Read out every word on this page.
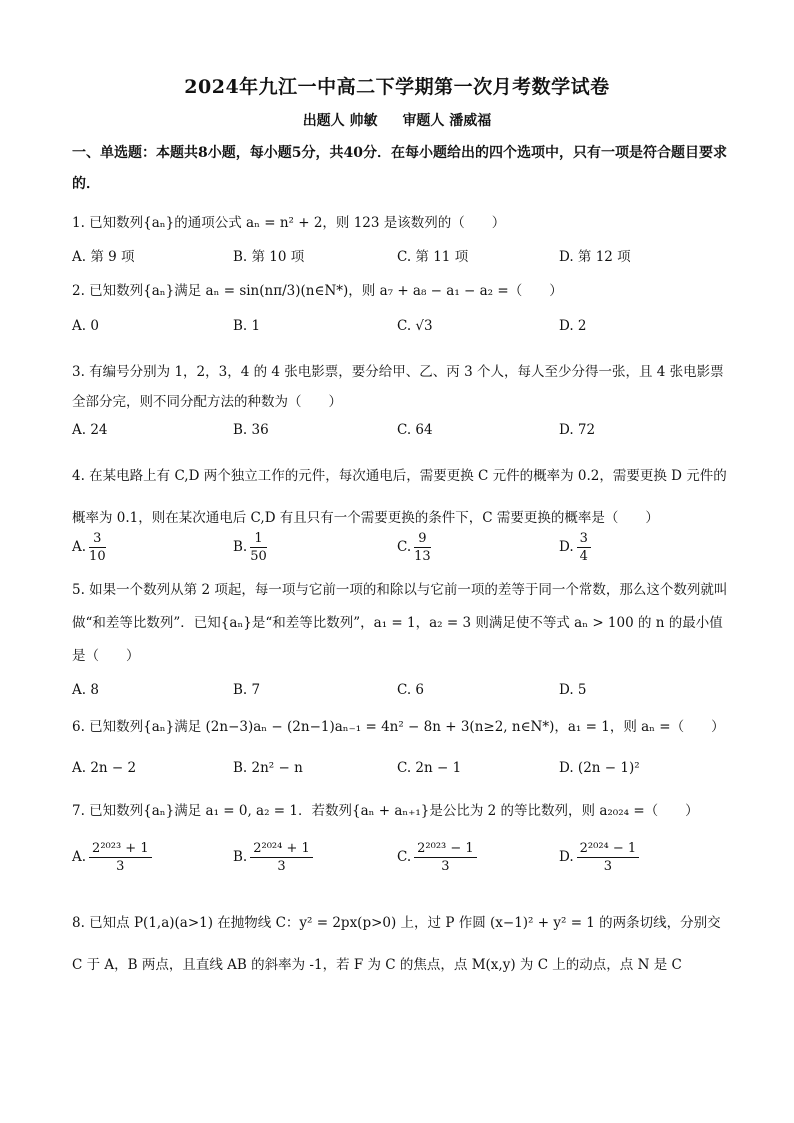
2024年九江一中高二下学期第一次月考数学试卷
出题人 帅敏 审题人 潘威福
一、单选题：本题共8小题，每小题5分，共40分．在每小题给出的四个选项中，只有一项是符合题目要求的．
1. 已知数列{aₙ}的通项公式 aₙ = n² + 2，则 123 是该数列的（　　）
A. 第 9 项	B. 第 10 项	C. 第 11 项	D. 第 12 项
2. 已知数列{aₙ}满足 aₙ = sin(nπ/3)(n∈N*)，则 a₇ + a₈ − a₁ − a₂ =（　　）
A. 0	B. 1	C. √3	D. 2
3. 有编号分别为 1，2，3，4 的 4 张电影票，要分给甲、乙、丙 3 个人，每人至少分得一张，且 4 张电影票全部分完，则不同分配方法的种数为（　　）
A. 24	B. 36	C. 64	D. 72
4. 在某电路上有 C,D 两个独立工作的元件，每次通电后，需要更换 C 元件的概率为 0.2，需要更换 D 元件的概率为 0.1，则在某次通电后 C,D 有且只有一个需要更换的条件下，C 需要更换的概率是（　　）
A. $\frac{3}{10}$	B. $\frac{1}{50}$	C. $\frac{9}{13}$	D. $\frac{3}{4}$
5. 如果一个数列从第 2 项起，每一项与它前一项的和除以与它前一项的差等于同一个常数，那么这个数列就叫做“和差等比数列”．已知{aₙ}是“和差等比数列”，a₁ = 1，a₂ = 3 则满足使不等式 aₙ > 100 的 n 的最小值是（　　）
A. 8	B. 7	C. 6	D. 5
6. 已知数列{aₙ}满足 (2n−3)aₙ − (2n−1)aₙ₋₁ = 4n² − 8n + 3(n≥2, n∈N*)，a₁ = 1，则 aₙ =（　　）
A. 2n − 2	B. 2n² − n	C. 2n − 1	D. (2n − 1)²
7. 已知数列{aₙ}满足 a₁ = 0, a₂ = 1．若数列{aₙ + aₙ₊₁}是公比为 2 的等比数列，则 a₂₀₂₄ =（　　）
A. $\frac{\text{2²⁰²³ + 1}}{3}$	B. $\frac{\text{2²⁰²⁴ + 1}}{3}$	C. $\frac{\text{2²⁰²³ − 1}}{3}$	D. $\frac{\text{2²⁰²⁴ − 1}}{3}$
8. 已知点 P(1,a)(a>1) 在抛物线 C：y² = 2px(p>0) 上，过 P 作圆 (x−1)² + y² = 1 的两条切线，分别交 C 于 A，B 两点，且直线 AB 的斜率为 -1，若 F 为 C 的焦点，点 M(x,y) 为 C 上的动点，点 N 是 C
